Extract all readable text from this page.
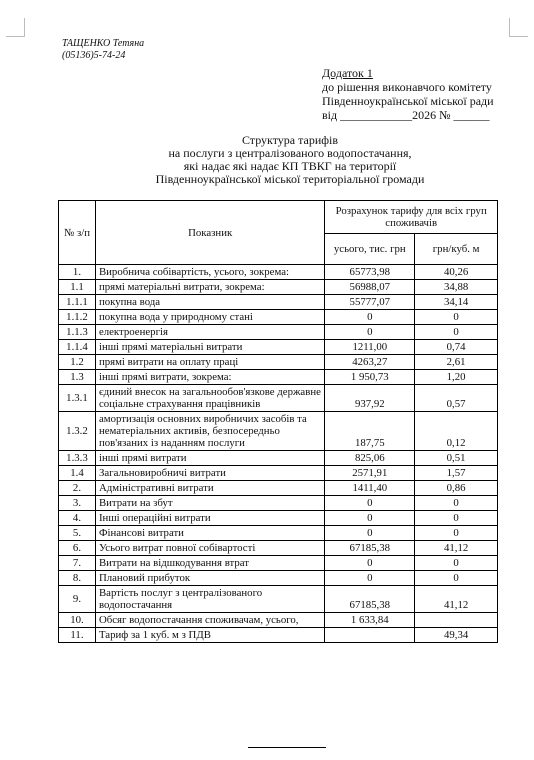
ТАЩЕНКО Тетяна
(05136)5-74-24
Додаток 1
до рішення виконавчого комітету
Південноукраїнської міської ради
від ____________2026 № ______
Структура тарифів
на послуги з централізованого водопостачання,
які надає які надає КП ТВКГ на території
Південноукраїнської міської територіальної громади
№ з/п	Показник	Розрахунок тарифу для всіх груп споживачів	
		усього, тис. грн	грн/куб. м
1.	Виробнича собівартість, усього, зокрема:	65773,98	40,26
1.1	прямі матеріальні витрати, зокрема:	56988,07	34,88
1.1.1	покупна вода	55777,07	34,14
1.1.2	покупна вода у природному стані	0	0
1.1.3	електроенергія	0	0
1.1.4	інші прямі матеріальні витрати	1211,00	0,74
1.2	прямі витрати на оплату праці	4263,27	2,61
1.3	інші прямі витрати, зокрема:	1 950,73	1,20
1.3.1	єдиний внесок на загальнообов'язкове державне соціальне страхування працівників	937,92	0,57
1.3.2	амортизація основних виробничих засобів та нематеріальних активів, безпосередньо пов'язаних із наданням послуги	187,75	0,12
1.3.3	інші прямі витрати	825,06	0,51
1.4	Загальновиробничі витрати	2571,91	1,57
2.	Адміністративні витрати	1411,40	0,86
3.	Витрати на збут	0	0
4.	Інші операційні витрати	0	0
5.	Фінансові витрати	0	0
6.	Усього витрат повної собівартості	67185,38	41,12
7.	Витрати на відшкодування втрат	0	0
8.	Плановий прибуток	0	0
9.	Вартість послуг з централізованого водопостачання	67185,38	41,12
10.	Обсяг водопостачання споживачам, усього,	1 633,84	
11.	Тариф за 1 куб. м з ПДВ		49,34
